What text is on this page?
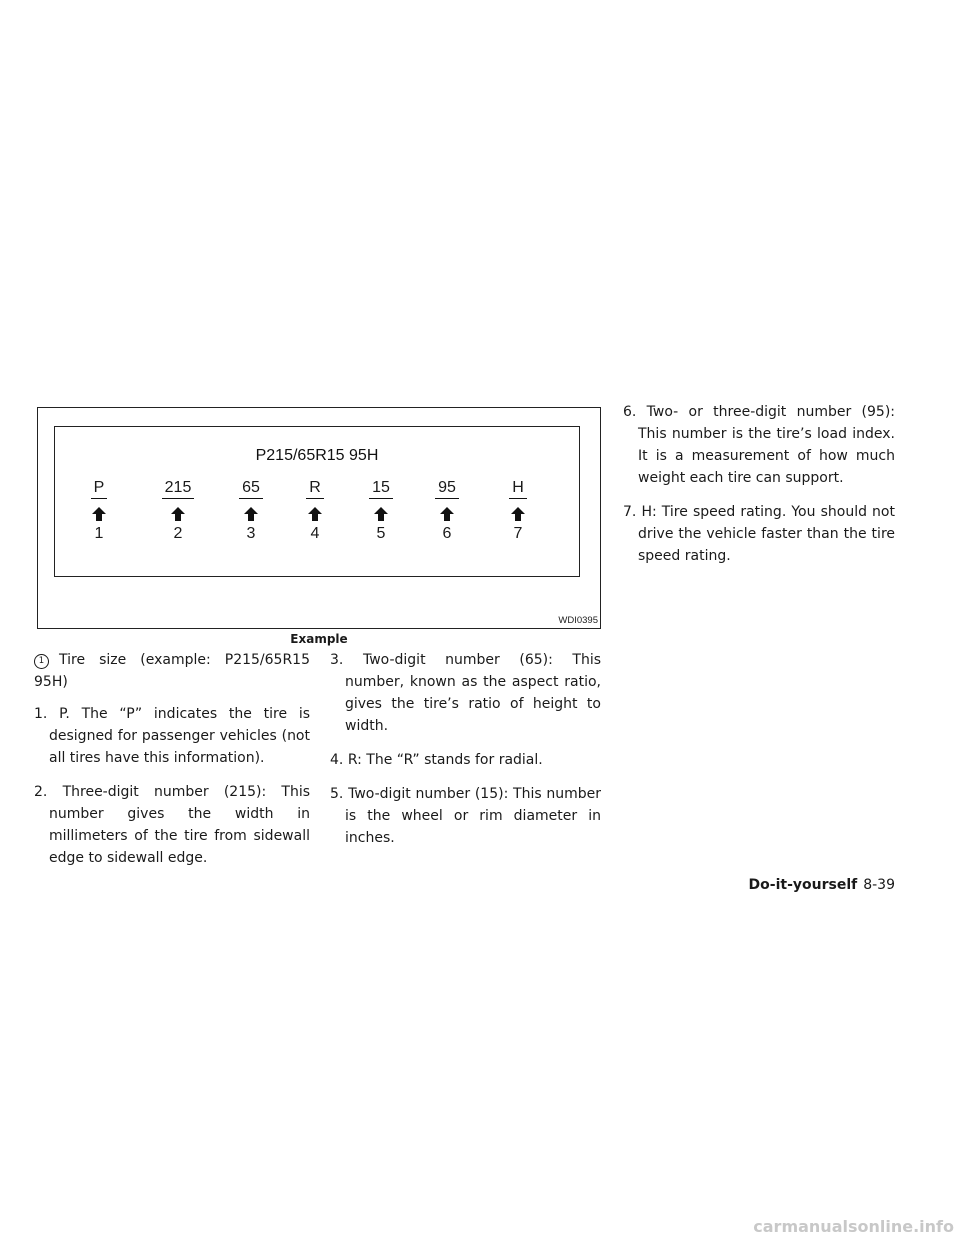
P215/65R15 95H
P
1
215
2
65
3
R
4
15
5
95
6
H
7
WDI0395
Example

1 Tire size (example: P215/65R15 95H)

1. P. The “P” indicates the tire is designed for passenger vehicles (not all tires have this information).

2. Three-digit number (215): This number gives the width in millimeters of the tire from sidewall edge to sidewall edge.

3. Two-digit number (65): This number, known as the aspect ratio, gives the tire’s ratio of height to width.

4. R: The “R” stands for radial.

5. Two-digit number (15): This number is the wheel or rim diameter in inches.

6. Two- or three-digit number (95): This number is the tire’s load index. It is a measurement of how much weight each tire can support.

7. H: Tire speed rating. You should not drive the vehicle faster than the tire speed rating.

Do-it-yourself 8-39
carmanualsonline.info
